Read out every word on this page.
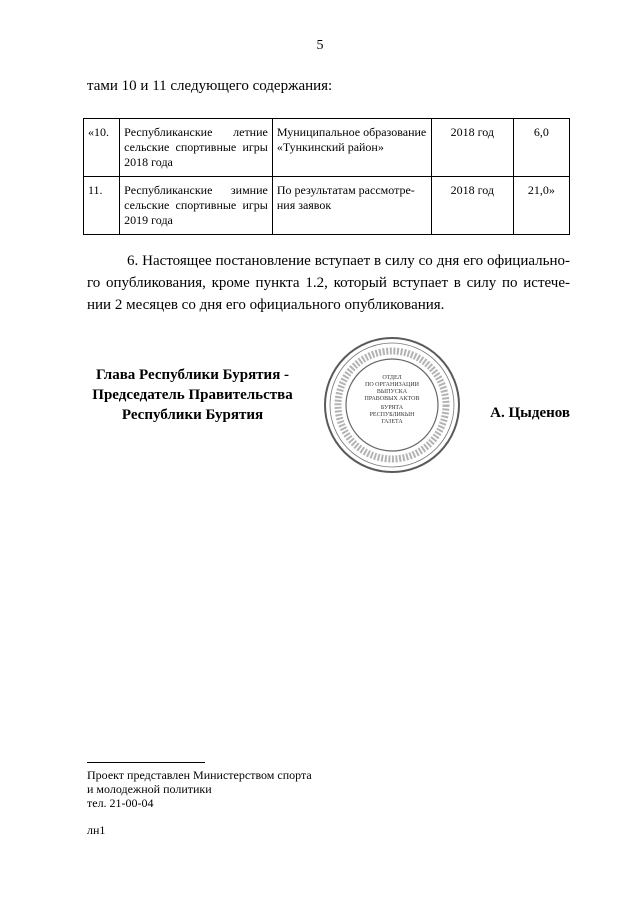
5
тами 10 и 11 следующего содержания:
«10.	Республиканские летние сельские спортивные игры 2018 года	Муниципальное образование «Тункинский район»	2018 год	6,0
11.	Республиканские зимние сельские спортивные игры 2019 года	По результатам рассмотре-ния заявок	2018 год	21,0»
6. Настоящее постановление вступает в силу со дня его официально-го опубликования, кроме пункта 1.2, который вступает в силу по истече-нии 2 месяцев со дня его официального опубликования.
Глава Республики Бурятия -
Председатель Правительства
Республики Бурятия
ОТДЕЛ
ПО ОРГАНИЗАЦИИ
ВЫПУСКА
ПРАВОВЫХ АКТОВ
БУРЯТА
РЕСПУБЛИКЫН
ГАЗЕТА
А. Цыденов
Проект представлен Министерством спорта
и молодежной политики
тел. 21-00-04
лн1
